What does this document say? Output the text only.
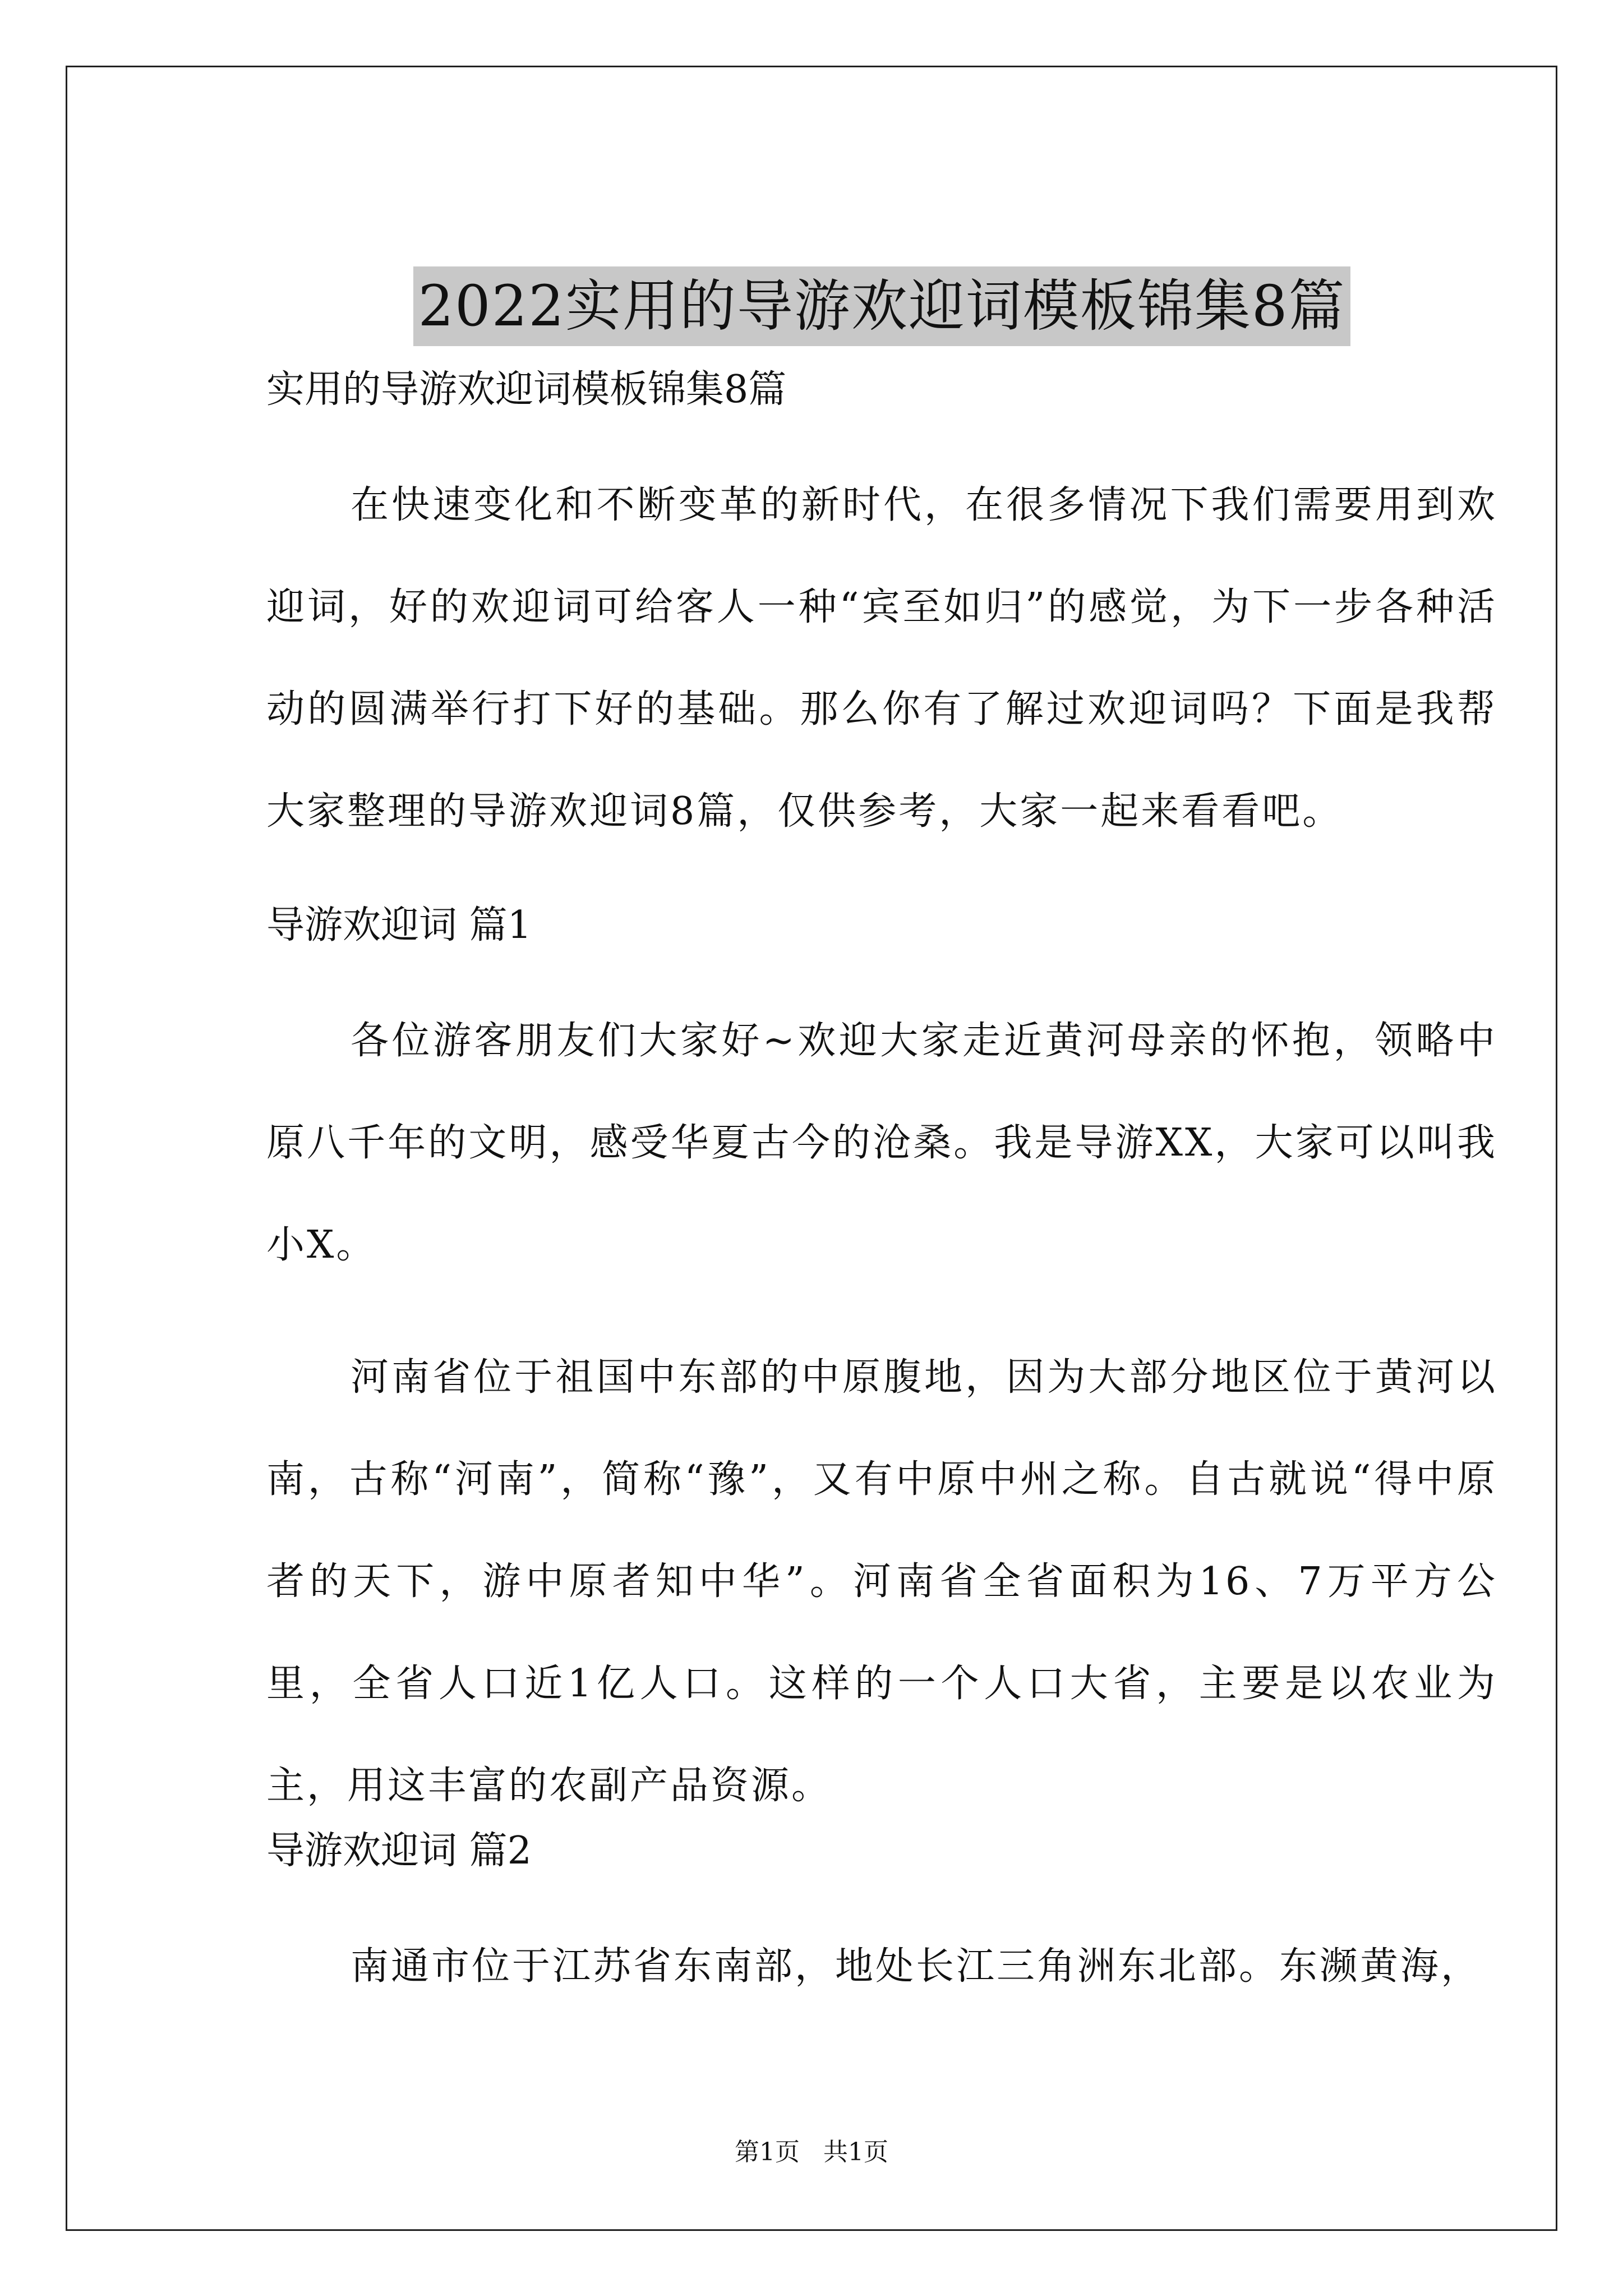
2022实用的导游欢迎词模板锦集8篇
实用的导游欢迎词模板锦集8篇
在快速变化和不断变革的新时代，在很多情况下我们需要用到欢迎词，好的欢迎词可给客人一种“宾至如归”的感觉，为下一步各种活动的圆满举行打下好的基础。那么你有了解过欢迎词吗？下面是我帮大家整理的导游欢迎词8篇，仅供参考，大家一起来看看吧。
导游欢迎词 篇1
各位游客朋友们大家好~欢迎大家走近黄河母亲的怀抱，领略中原八千年的文明，感受华夏古今的沧桑。我是导游XX，大家可以叫我小X。
河南省位于祖国中东部的中原腹地，因为大部分地区位于黄河以南，古称“河南”，简称“豫”，又有中原中州之称。自古就说“得中原者的天下，游中原者知中华”。河南省全省面积为16、7万平方公里，全省人口近1亿人口。这样的一个人口大省，主要是以农业为主，用这丰富的农副产品资源。
导游欢迎词 篇2
南通市位于江苏省东南部，地处长江三角洲东北部。东濒黄海，
第1页 共1页
